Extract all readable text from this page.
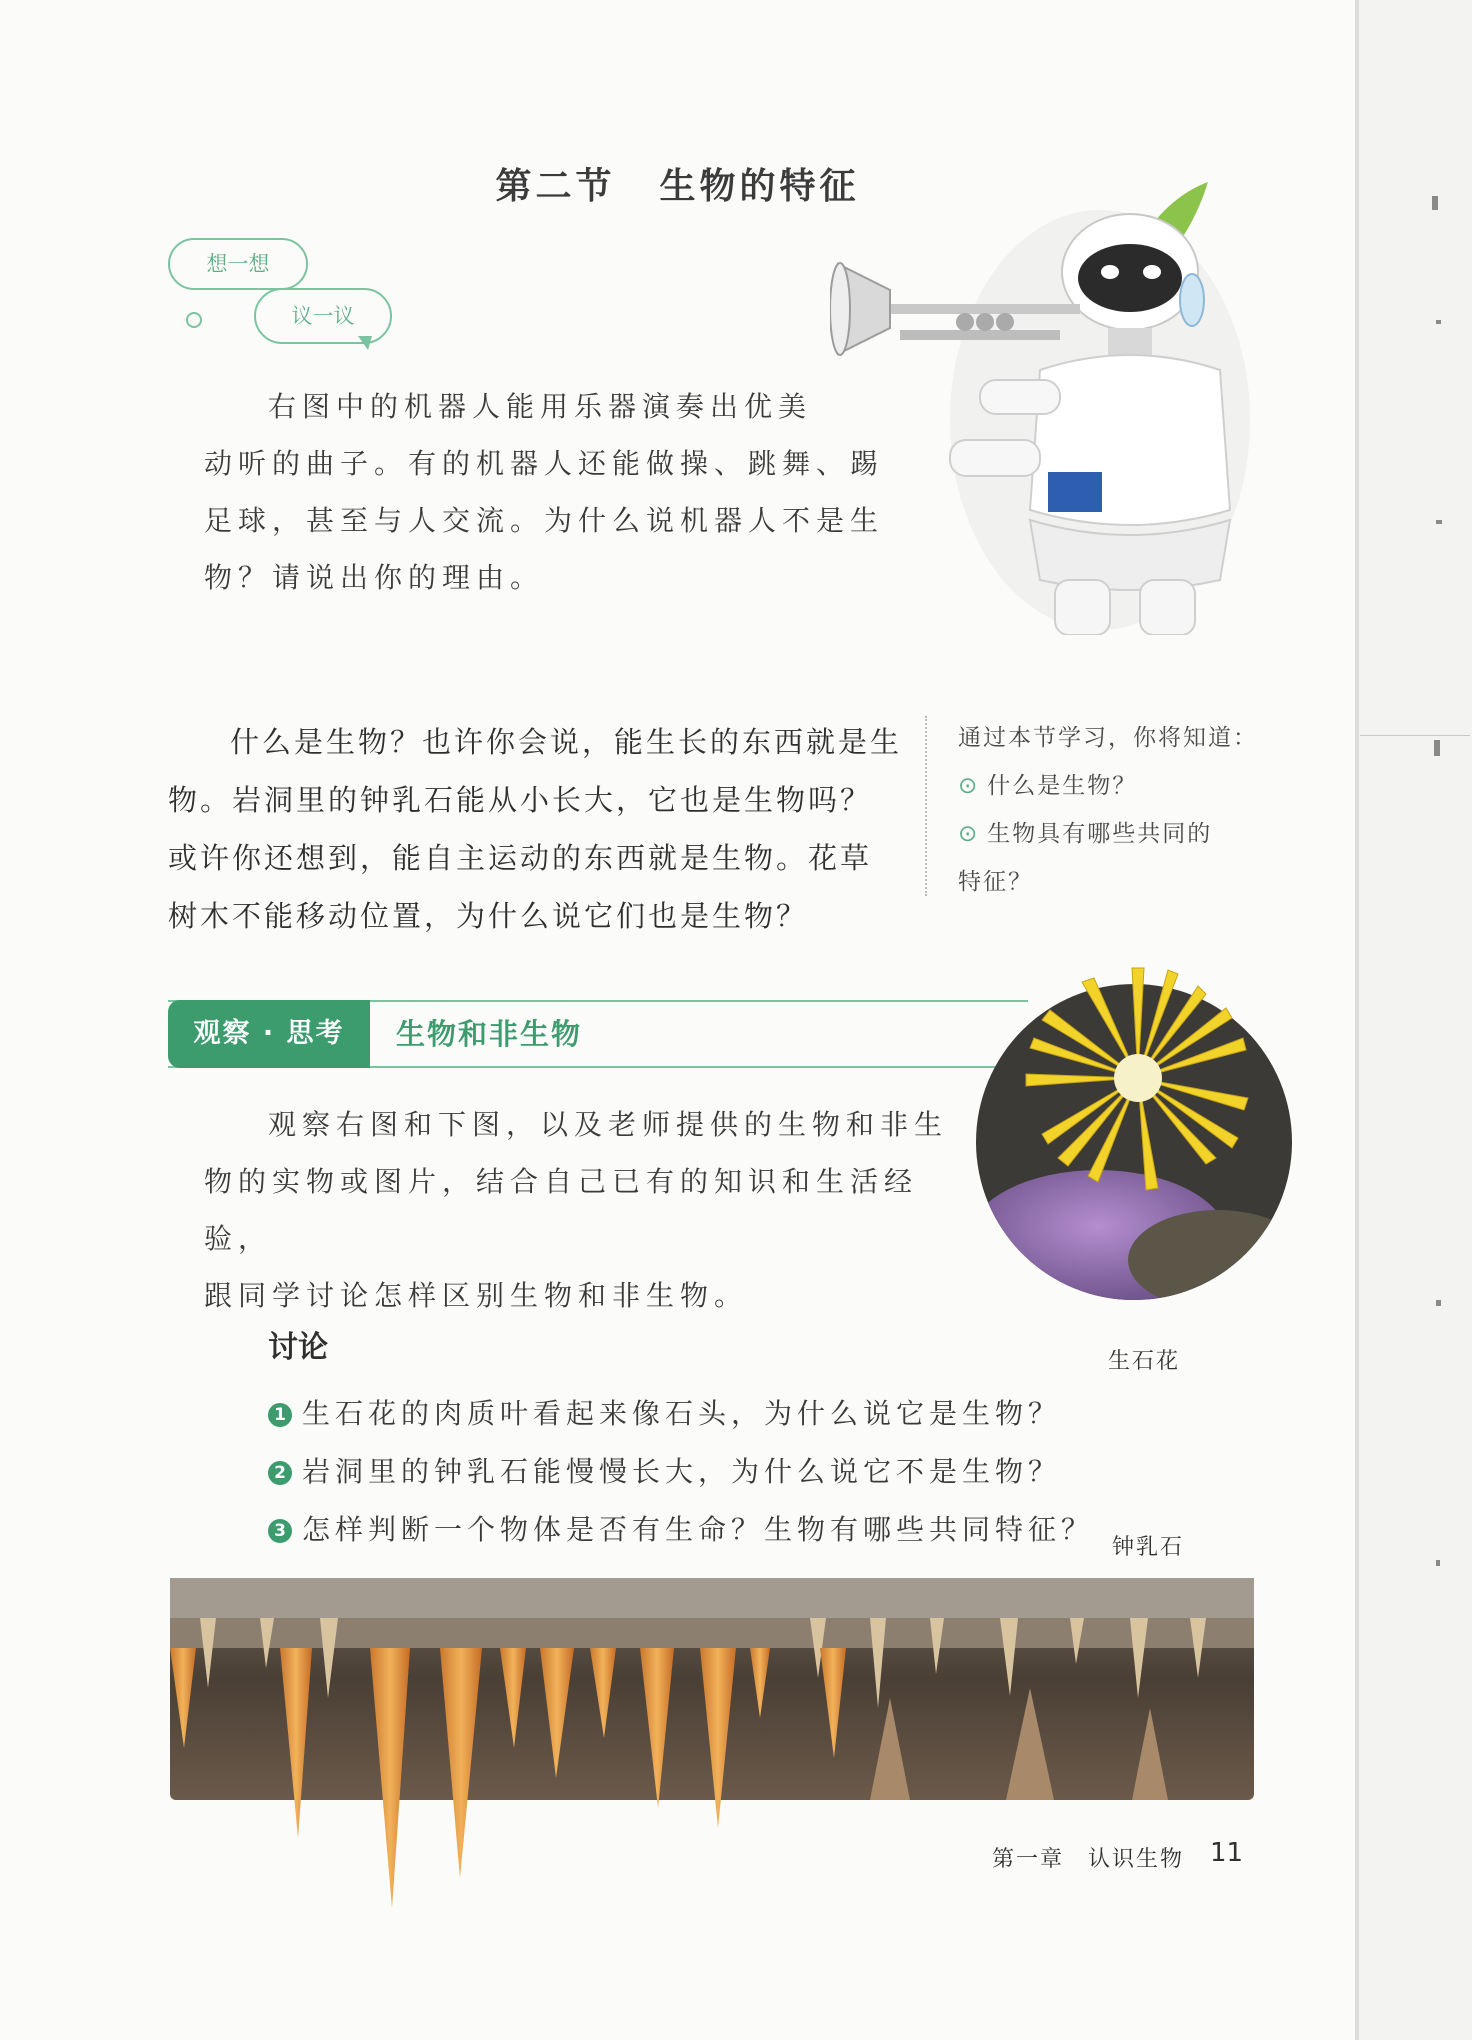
第二节 生物的特征
想一想
议一议
右图中的机器人能用乐器演奏出优美
动听的曲子。有的机器人还能做操、跳舞、踢
足球，甚至与人交流。为什么说机器人不是生
物？请说出你的理由。
什么是生物？也许你会说，能生长的东西就是生
物。岩洞里的钟乳石能从小长大，它也是生物吗？
或许你还想到，能自主运动的东西就是生物。花草
树木不能移动位置，为什么说它们也是生物？
通过本节学习，你将知道：
⊙ 什么是生物？
⊙ 生物具有哪些共同的
特征？
观察 · 思考	生物和非生物
观察右图和下图，以及老师提供的生物和非生
物的实物或图片，结合自己已有的知识和生活经验，
跟同学讨论怎样区别生物和非生物。
生石花
讨论
1 生石花的肉质叶看起来像石头，为什么说它是生物？
2 岩洞里的钟乳石能慢慢长大，为什么说它不是生物？
3 怎样判断一个物体是否有生命？生物有哪些共同特征？
钟乳石
第一章　认识生物 11
